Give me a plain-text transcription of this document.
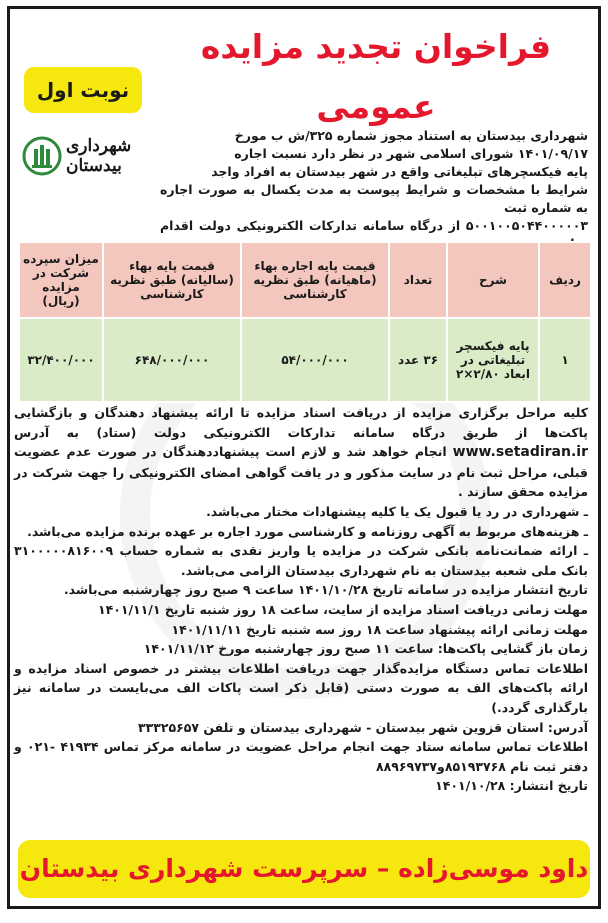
فراخوان تجدید مزایده عمومی
نوبت اول
شهرداری بیدستان

شهرداری بیدستان به استناد مجوز شماره ۳۲۵/ش ب مورخ

۱۴۰۱/۰۹/۱۷ شورای اسلامی شهر در نظر دارد نسبت اجاره

پایه فیکسچرهای تبلیغاتی واقع در شهر بیدستان به افراد واجد

شرایط با مشخصات و شرایط پیوست به مدت یکسال به صورت اجاره به شماره ثبت

۵۰۰۱۰۰۵۰۴۴۰۰۰۰۰۳ از درگاه سامانه تدارکات الکترونیکی دولت اقدام

ردیف	شرح	تعداد	قیمت پایه اجاره بهاء (ماهیانه) طبق نظریه کارشناسی	قیمت پایه بهاء (سالیانه) طبق نظریه کارشناسی	میزان سپرده شرکت در مزایده (ریال)
۱	پایه فیکسچر تبلیغاتی در ابعاد ۲/۸۰×۲	۳۶ عدد	۵۴/۰۰۰/۰۰۰	۶۴۸/۰۰۰/۰۰۰	۳۲/۴۰۰/۰۰۰

کلیه مراحل برگزاری مزایده از دریافت اسناد مزایده تا ارائه پیشنهاد دهندگان و بازگشایی پاکت‌ها از طریق درگاه سامانه تدارکات الکترونیکی دولت (ستاد) به آدرس www.setadiran.ir انجام خواهد شد و لازم است پیشنهاددهندگان در صورت عدم عضویت قبلی، مراحل ثبت نام در سایت مذکور و در یافت گواهی امضای الکترونیکی را جهت شرکت در مزایده محقق سازند .

ـ شهرداری در رد یا قبول یک یا کلیه پیشنهادات مختار می‌باشد.

ـ هزینه‌های مربوط به آگهی روزنامه و کارشناسی مورد اجاره بر عهده برنده مزایده می‌باشد.

ـ ارائه ضمانت‌نامه بانکی شرکت در مزایده یا واریز نقدی به شماره حساب ۳۱۰۰۰۰۰۸۱۶۰۰۹ بانک ملی شعبه بیدستان به نام شهرداری بیدستان الزامی می‌باشد.

تاریخ انتشار مزایده در سامانه تاریخ ۱۴۰۱/۱۰/۲۸ ساعت ۹ صبح روز چهارشنبه می‌باشد.

مهلت زمانی دریافت اسناد مزایده از سایت، ساعت ۱۸ روز شنبه تاریخ ۱۴۰۱/۱۱/۱

مهلت زمانی ارائه پیشنهاد ساعت ۱۸ روز سه شنبه تاریخ ۱۴۰۱/۱۱/۱۱

زمان باز گشایی پاکت‌ها: ساعت ۱۱ صبح روز چهارشنبه مورخ ۱۴۰۱/۱۱/۱۲

اطلاعات تماس دستگاه مزایده‌گذار جهت دریافت اطلاعات بیشتر در خصوص اسناد مزایده و ارائه پاکت‌های الف به صورت دستی (قابل ذکر است پاکات الف می‌بایست در سامانه نیز بارگذاری گردد.)

آدرس: استان قزوین شهر بیدستان - شهرداری بیدستان و تلفن ۳۳۳۲۵۶۵۷

اطلاعات تماس سامانه ستاد جهت انجام مراحل عضویت در سامانه مرکز تماس ۴۱۹۳۴ -۰۲۱ و دفتر ثبت نام ۸۵۱۹۳۷۶۸و۸۸۹۶۹۷۳۷

تاریخ انتشار: ۱۴۰۱/۱۰/۲۸

داود موسی‌زاده – سرپرست شهرداری بیدستان
